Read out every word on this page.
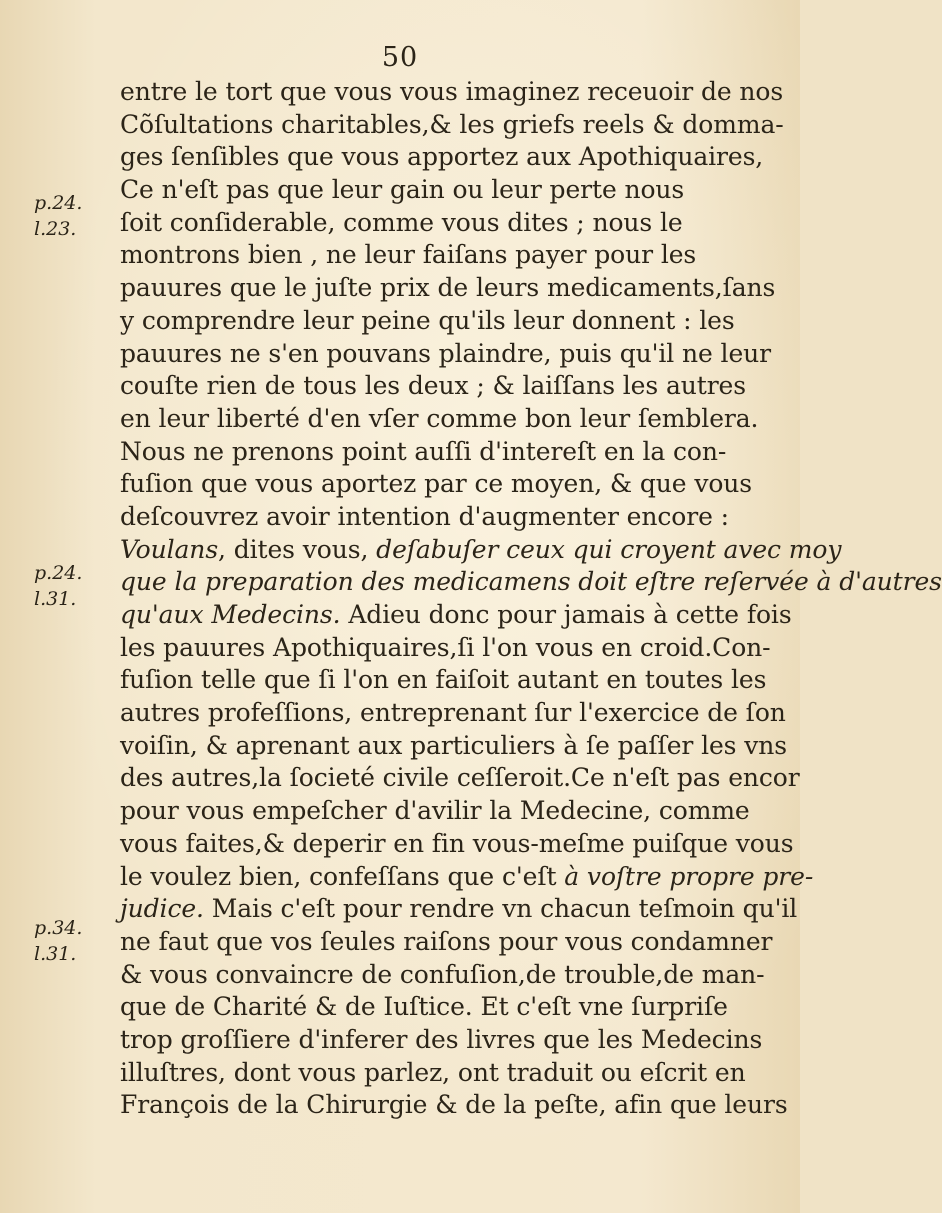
50
p.24.
l.23.
p.24.
l.31.
p.34.
l.31.
entre le tort que vous vous imaginez receuoir de nos
Cõſultations charitables,& les griefs reels & domma-
ges ſenſibles que vous apportez aux Apothiquaires,
Ce n'eſt pas que leur gain ou leur perte nous
ſoit conſiderable, comme vous dites ; nous le
montrons bien , ne leur faiſans payer pour les
pauures que le juſte prix de leurs medicaments,ſans
y comprendre leur peine qu'ils leur donnent : les
pauures ne s'en pouvans plaindre, puis qu'il ne leur
couſte rien de tous les deux ; & laiſſans les autres
en leur liberté d'en vſer comme bon leur ſemblera.
Nous ne prenons point auſſi d'intereſt en la con-
fuſion que vous aportez par ce moyen, & que vous
deſcouvrez avoir intention d'augmenter encore :
Voulans, dites vous, deſabuſer ceux qui croyent avec moy
que la preparation des medicamens doit eſtre reſervée à d'autres
qu'aux Medecins. Adieu donc pour jamais à cette fois
les pauures Apothiquaires,ſi l'on vous en croid.Con-
fuſion telle que ſi l'on en faiſoit autant en toutes les
autres profeſſions, entreprenant ſur l'exercice de ſon
voiſin, & aprenant aux particuliers à ſe paſſer les vns
des autres,la ſocieté civile ceſſeroit.Ce n'eſt pas encor
pour vous empeſcher d'avilir la Medecine, comme
vous faites,& deperir en fin vous-meſme puiſque vous
le voulez bien, confeſſans que c'eſt à voſtre propre pre-
judice. Mais c'eſt pour rendre vn chacun teſmoin qu'il
ne faut que vos ſeules raiſons pour vous condamner
& vous convaincre de confuſion,de trouble,de man-
que de Charité & de Iuſtice. Et c'eſt vne ſurpriſe
trop groſſiere d'inferer des livres que les Medecins
illuſtres, dont vous parlez, ont traduit ou eſcrit en
François de la Chirurgie & de la peſte, afin que leurs
